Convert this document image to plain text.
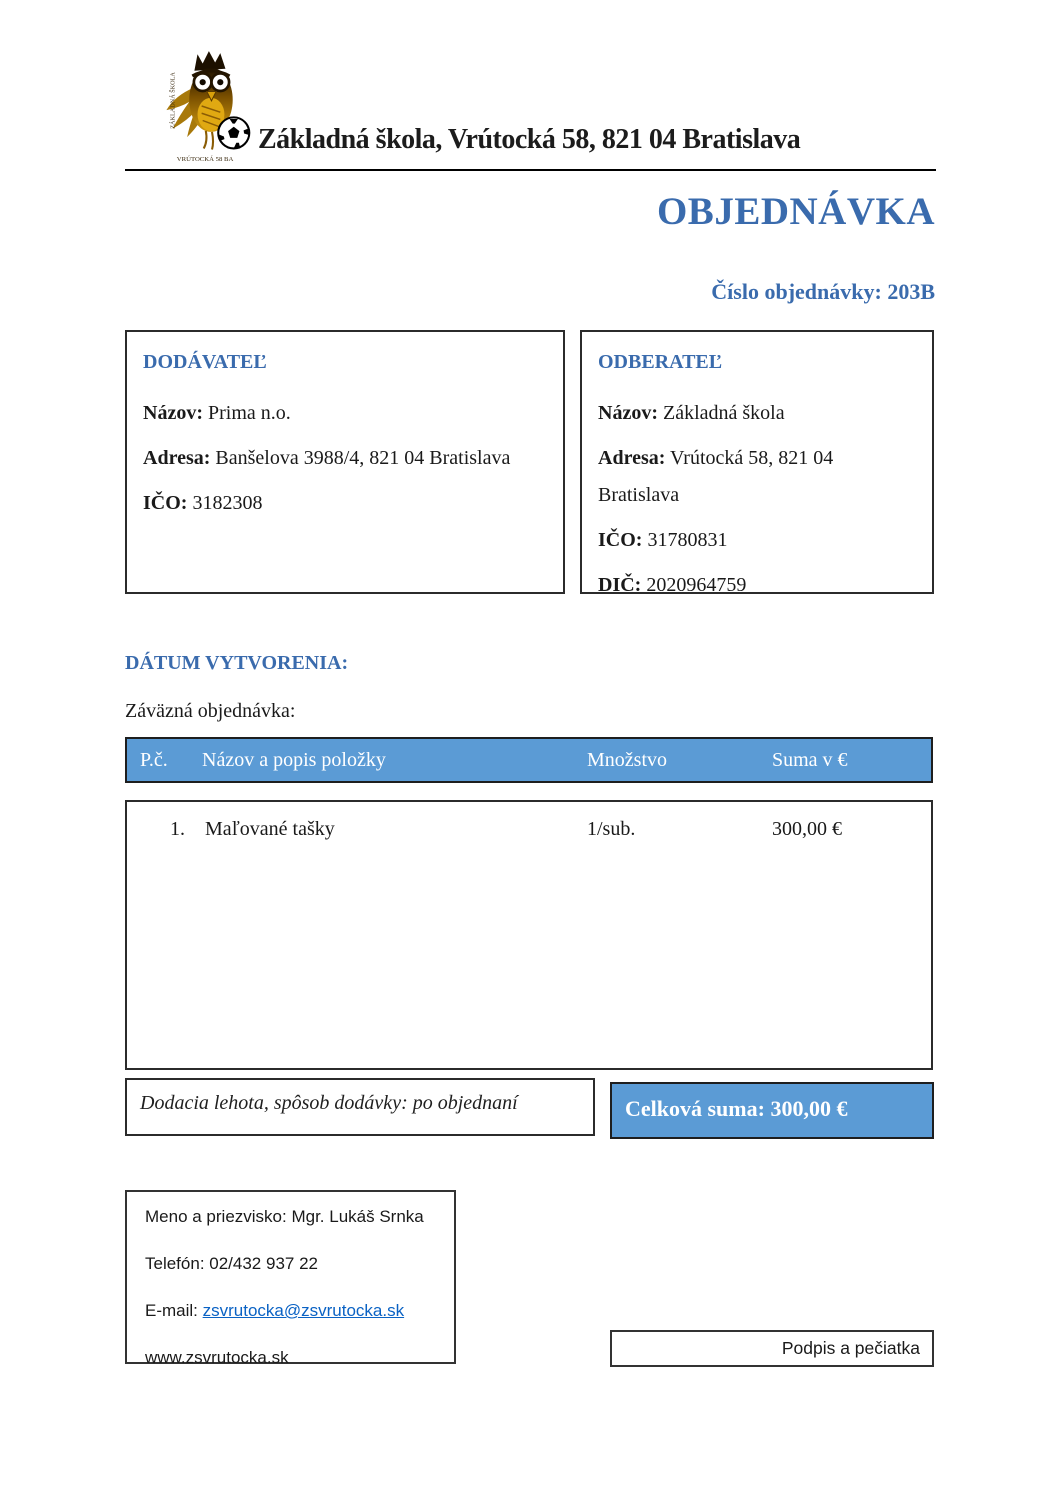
ZÁKLADNÁ ŠKOLA
VRÚTOCKÁ 58 BA
Základná škola, Vrútocká 58, 821 04 Bratislava
OBJEDNÁVKA
Číslo objednávky: 203B
DODÁVATEĽ

Názov: Prima n.o.

Adresa: Banšelova 3988/4, 821 04 Bratislava

IČO: 3182308

ODBERATEĽ

Názov: Základná škola

Adresa: Vrútocká 58, 821 04 Bratislava

IČO: 31780831

DIČ: 2020964759

DÁTUM VYTVORENIA:
Záväzná objednávka:
P.č. Názov a popis položky	Množstvo	Suma v €
1. Maľované tašky	1/sub.	300,00 €
Dodacia lehota, spôsob dodávky: po objednaní	Celková suma: 300,00 €

Meno a priezvisko: Mgr. Lukáš Srnka

Telefón: 02/432 937 22

E-mail: zsvrutocka@zsvrutocka.sk

www.zsvrutocka.sk	Podpis a pečiatka
